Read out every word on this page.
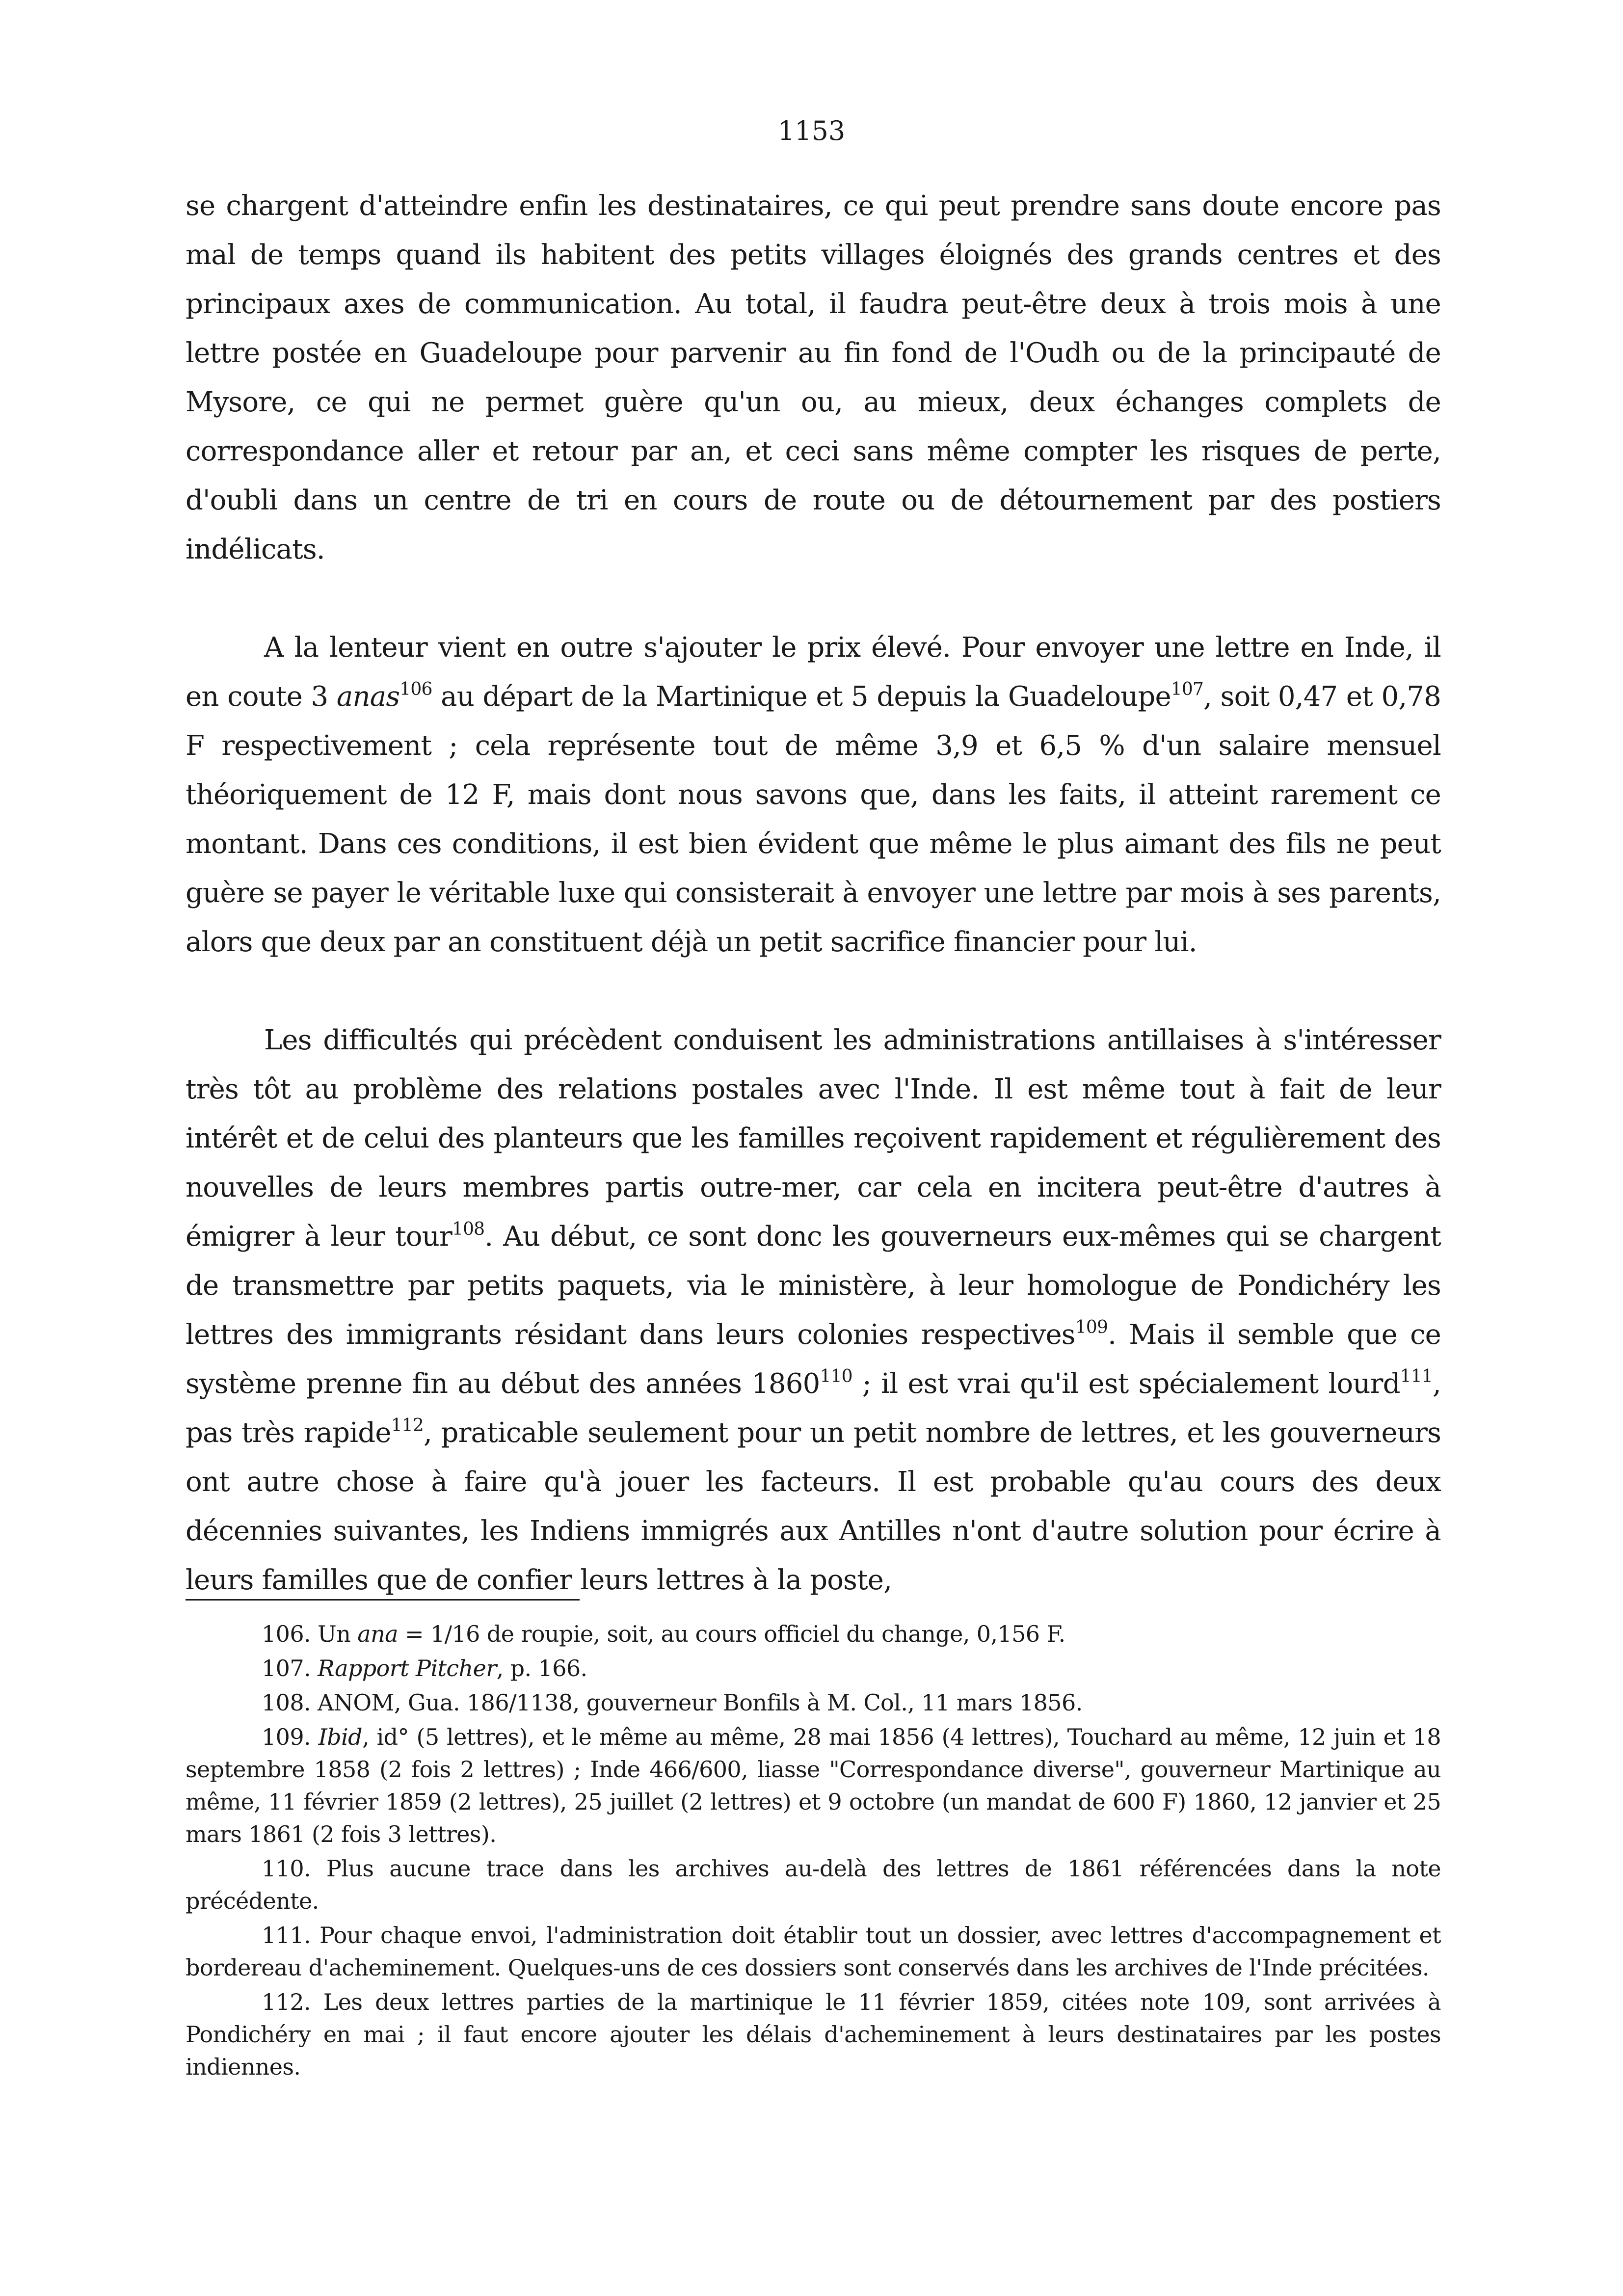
1153

se chargent d'atteindre enfin les destinataires, ce qui peut prendre sans doute encore pas mal de temps quand ils habitent des petits villages éloignés des grands centres et des principaux axes de communication. Au total, il faudra peut-être deux à trois mois à une lettre postée en Guadeloupe pour parvenir au fin fond de l'Oudh ou de la principauté de Mysore, ce qui ne permet guère qu'un ou, au mieux, deux échanges complets de correspondance aller et retour par an, et ceci sans même compter les risques de perte, d'oubli dans un centre de tri en cours de route ou de détournement par des postiers indélicats.

A la lenteur vient en outre s'ajouter le prix élevé. Pour envoyer une lettre en Inde, il en coute 3 anas$^{106}$ au départ de la Martinique et 5 depuis la Guadeloupe$^{107}$, soit 0,47 et 0,78 F respectivement ; cela représente tout de même 3,9 et 6,5 % d'un salaire mensuel théoriquement de 12 F, mais dont nous savons que, dans les faits, il atteint rarement ce montant. Dans ces conditions, il est bien évident que même le plus aimant des fils ne peut guère se payer le véritable luxe qui consisterait à envoyer une lettre par mois à ses parents, alors que deux par an constituent déjà un petit sacrifice financier pour lui.

Les difficultés qui précèdent conduisent les administrations antillaises à s'intéresser très tôt au problème des relations postales avec l'Inde. Il est même tout à fait de leur intérêt et de celui des planteurs que les familles reçoivent rapidement et régulièrement des nouvelles de leurs membres partis outre-mer, car cela en incitera peut-être d'autres à émigrer à leur tour$^{108}$. Au début, ce sont donc les gouverneurs eux-mêmes qui se chargent de transmettre par petits paquets, via le ministère, à leur homologue de Pondichéry les lettres des immigrants résidant dans leurs colonies respectives$^{109}$. Mais il semble que ce système prenne fin au début des années 1860$^{110}$ ; il est vrai qu'il est spécialement lourd$^{111}$, pas très rapide$^{112}$, praticable seulement pour un petit nombre de lettres, et les gouverneurs ont autre chose à faire qu'à jouer les facteurs. Il est probable qu'au cours des deux décennies suivantes, les Indiens immigrés aux Antilles n'ont d'autre solution pour écrire à leurs familles que de confier leurs lettres à la poste,

106. Un ana = 1/16 de roupie, soit, au cours officiel du change, 0,156 F.

107. Rapport Pitcher, p. 166.

108. ANOM, Gua. 186/1138, gouverneur Bonfils à M. Col., 11 mars 1856.

109. Ibid, id° (5 lettres), et le même au même, 28 mai 1856 (4 lettres), Touchard au même, 12 juin et 18 septembre 1858 (2 fois 2 lettres) ; Inde 466/600, liasse "Correspondance diverse", gouverneur Martinique au même, 11 février 1859 (2 lettres), 25 juillet (2 lettres) et 9 octobre (un mandat de 600 F) 1860, 12 janvier et 25 mars 1861 (2 fois 3 lettres).

110. Plus aucune trace dans les archives au-delà des lettres de 1861 référencées dans la note précédente.

111. Pour chaque envoi, l'administration doit établir tout un dossier, avec lettres d'accompagnement et bordereau d'acheminement. Quelques-uns de ces dossiers sont conservés dans les archives de l'Inde précitées.

112. Les deux lettres parties de la martinique le 11 février 1859, citées note 109, sont arrivées à Pondichéry en mai ; il faut encore ajouter les délais d'acheminement à leurs destinataires par les postes indiennes.
